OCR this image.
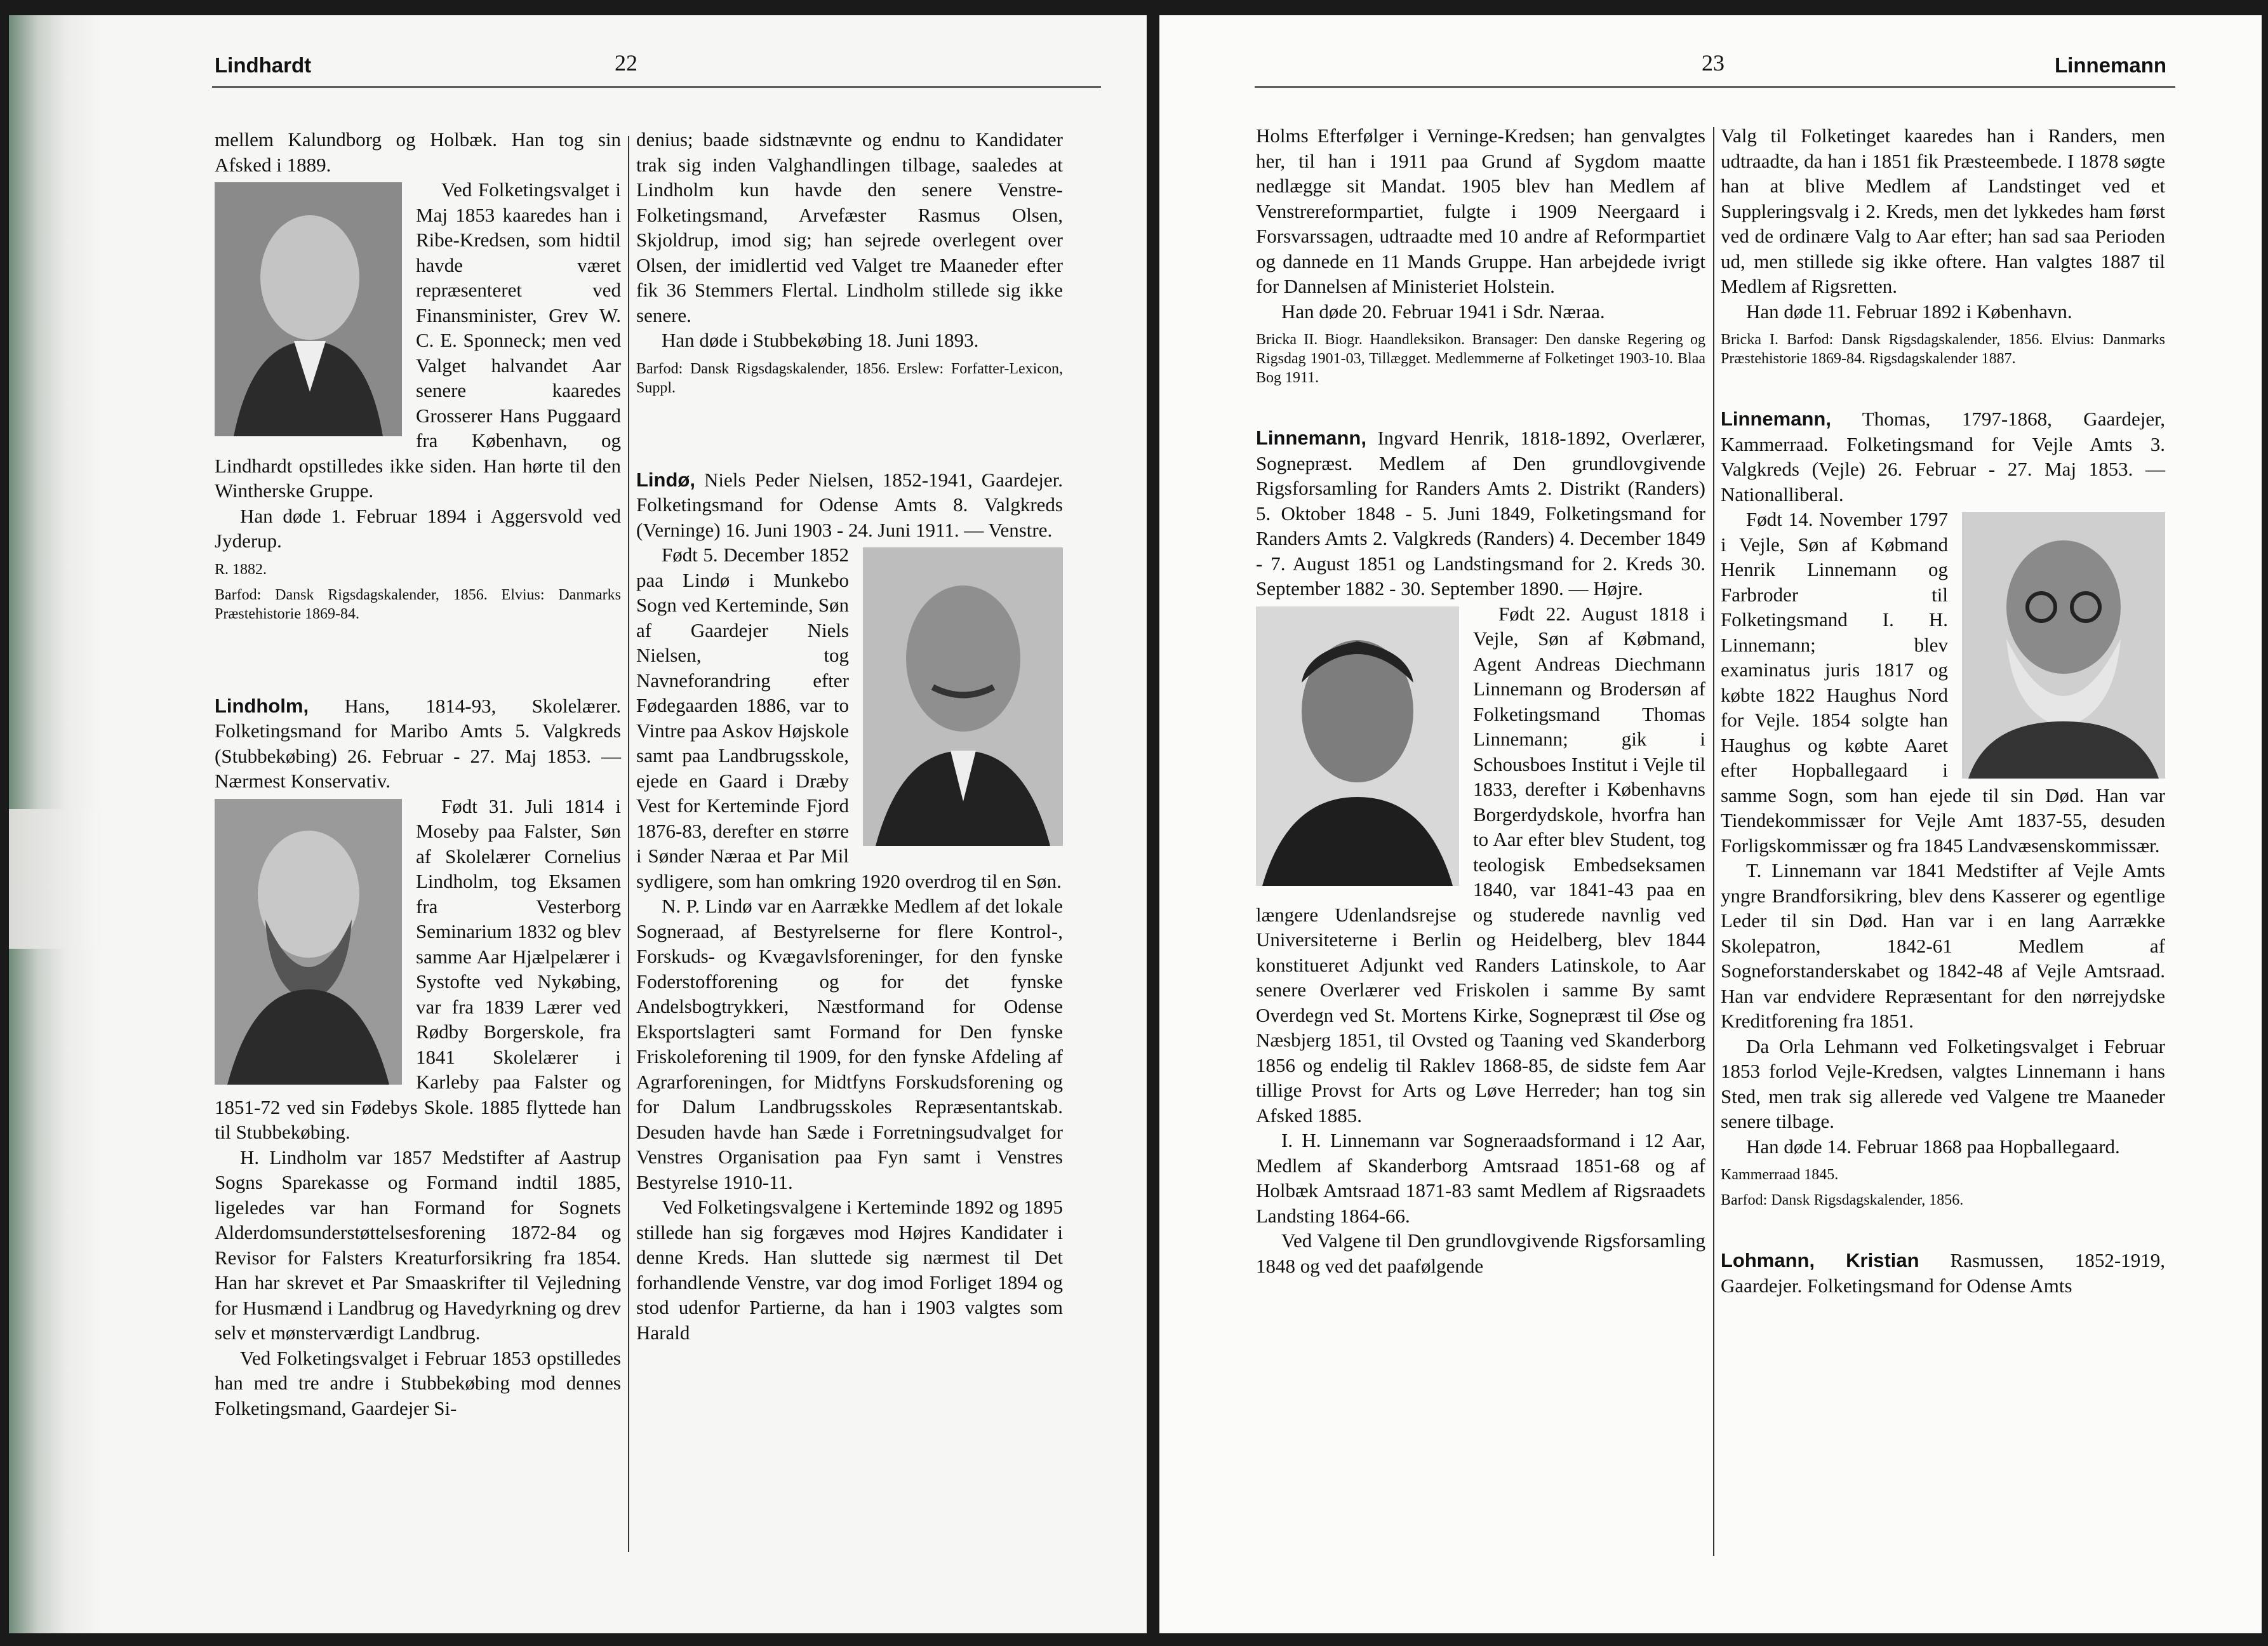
Lindhardt	22

mellem Kalundborg og Holbæk. Han tog sin Afsked i 1889.

Ved Folketingsvalget i Maj 1853 kaaredes han i Ribe-Kredsen, som hidtil havde været repræsenteret ved Finansminister, Grev W. C. E. Sponneck; men ved Valget halvandet Aar senere kaaredes Grosserer Hans Puggaard fra København, og Lindhardt opstilledes ikke siden. Han hørte til den Wintherske Gruppe.

Han døde 1. Februar 1894 i Aggersvold ved Jyderup.

R. 1882.

Barfod: Dansk Rigsdagskalender, 1856. Elvius: Danmarks Præstehistorie 1869-84.

Lindholm, Hans, 1814-93, Skolelærer. Folketingsmand for Maribo Amts 5. Valgkreds (Stubbekøbing) 26. Februar - 27. Maj 1853. — Nærmest Konservativ.

Født 31. Juli 1814 i Moseby paa Falster, Søn af Skolelærer Cornelius Lindholm, tog Eksamen fra Vesterborg Seminarium 1832 og blev samme Aar Hjælpelærer i Systofte ved Nykøbing, var fra 1839 Lærer ved Rødby Borgerskole, fra 1841 Skolelærer i Karleby paa Falster og 1851-72 ved sin Fødebys Skole. 1885 flyttede han til Stubbekøbing.

H. Lindholm var 1857 Medstifter af Aastrup Sogns Sparekasse og Formand indtil 1885, ligeledes var han Formand for Sognets Alderdomsunderstøttelsesforening 1872-84 og Revisor for Falsters Kreaturforsikring fra 1854. Han har skrevet et Par Smaaskrifter til Vejledning for Husmænd i Landbrug og Havedyrkning og drev selv et mønsterværdigt Landbrug.

Ved Folketingsvalget i Februar 1853 opstilledes han med tre andre i Stubbekøbing mod dennes Folketingsmand, Gaardejer Si-

denius; baade sidstnævnte og endnu to Kandidater trak sig inden Valghandlingen tilbage, saaledes at Lindholm kun havde den senere Venstre-Folketingsmand, Arvefæster Rasmus Olsen, Skjoldrup, imod sig; han sejrede overlegent over Olsen, der imidlertid ved Valget tre Maaneder efter fik 36 Stemmers Flertal. Lindholm stillede sig ikke senere.

Han døde i Stubbekøbing 18. Juni 1893.

Barfod: Dansk Rigsdagskalender, 1856. Erslew: Forfatter-Lexicon, Suppl.

Lindø, Niels Peder Nielsen, 1852-1941, Gaardejer. Folketingsmand for Odense Amts 8. Valgkreds (Verninge) 16. Juni 1903 - 24. Juni 1911. — Venstre.

Født 5. December 1852 paa Lindø i Munkebo Sogn ved Kerteminde, Søn af Gaardejer Niels Nielsen, tog Navneforandring efter Fødegaarden 1886, var to Vintre paa Askov Højskole samt paa Landbrugsskole, ejede en Gaard i Dræby Vest for Kerteminde Fjord 1876-83, derefter en større i Sønder Næraa et Par Mil sydligere, som han omkring 1920 overdrog til en Søn.

N. P. Lindø var en Aarrække Medlem af det lokale Sogneraad, af Bestyrelserne for flere Kontrol-, Forskuds- og Kvægavlsforeninger, for den fynske Foderstofforening og for det fynske Andelsbogtrykkeri, Næstformand for Odense Eksportslagteri samt Formand for Den fynske Friskoleforening til 1909, for den fynske Afdeling af Agrarforeningen, for Midtfyns Forskudsforening og for Dalum Landbrugsskoles Repræsentantskab. Desuden havde han Sæde i Forretningsudvalget for Venstres Organisation paa Fyn samt i Venstres Bestyrelse 1910-11.

Ved Folketingsvalgene i Kerteminde 1892 og 1895 stillede han sig forgæves mod Højres Kandidater i denne Kreds. Han sluttede sig nærmest til Det forhandlende Venstre, var dog imod Forliget 1894 og stod udenfor Partierne, da han i 1903 valgtes som Harald

23	Linnemann

Holms Efterfølger i Verninge-Kredsen; han genvalgtes her, til han i 1911 paa Grund af Sygdom maatte nedlægge sit Mandat. 1905 blev han Medlem af Venstrereformpartiet, fulgte i 1909 Neergaard i Forsvarssagen, udtraadte med 10 andre af Reformpartiet og dannede en 11 Mands Gruppe. Han arbejdede ivrigt for Dannelsen af Ministeriet Holstein.

Han døde 20. Februar 1941 i Sdr. Næraa.

Bricka II. Biogr. Haandleksikon. Bransager: Den danske Regering og Rigsdag 1901-03, Tillægget. Medlemmerne af Folketinget 1903-10. Blaa Bog 1911.

Linnemann, Ingvard Henrik, 1818-1892, Overlærer, Sognepræst. Medlem af Den grundlovgivende Rigsforsamling for Randers Amts 2. Distrikt (Randers) 5. Oktober 1848 - 5. Juni 1849, Folketingsmand for Randers Amts 2. Valgkreds (Randers) 4. December 1849 - 7. August 1851 og Landstingsmand for 2. Kreds 30. September 1882 - 30. September 1890. — Højre.

Født 22. August 1818 i Vejle, Søn af Købmand, Agent Andreas Diechmann Linnemann og Brodersøn af Folketingsmand Thomas Linnemann; gik i Schousboes Institut i Vejle til 1833, derefter i Københavns Borgerdydskole, hvorfra han to Aar efter blev Student, tog teologisk Embedseksamen 1840, var 1841-43 paa en længere Udenlandsrejse og studerede navnlig ved Universiteterne i Berlin og Heidelberg, blev 1844 konstitueret Adjunkt ved Randers Latinskole, to Aar senere Overlærer ved Friskolen i samme By samt Overdegn ved St. Mortens Kirke, Sognepræst til Øse og Næsbjerg 1851, til Ovsted og Taaning ved Skanderborg 1856 og endelig til Raklev 1868-85, de sidste fem Aar tillige Provst for Arts og Løve Herreder; han tog sin Afsked 1885.

I. H. Linnemann var Sogneraadsformand i 12 Aar, Medlem af Skanderborg Amtsraad 1851-68 og af Holbæk Amtsraad 1871-83 samt Medlem af Rigsraadets Landsting 1864-66.

Ved Valgene til Den grundlovgivende Rigsforsamling 1848 og ved det paafølgende

Valg til Folketinget kaaredes han i Randers, men udtraadte, da han i 1851 fik Præsteembede. I 1878 søgte han at blive Medlem af Landstinget ved et Suppleringsvalg i 2. Kreds, men det lykkedes ham først ved de ordinære Valg to Aar efter; han sad saa Perioden ud, men stillede sig ikke oftere. Han valgtes 1887 til Medlem af Rigsretten.

Han døde 11. Februar 1892 i København.

Bricka I. Barfod: Dansk Rigsdagskalender, 1856. Elvius: Danmarks Præstehistorie 1869-84. Rigsdagskalender 1887.

Linnemann, Thomas, 1797-1868, Gaardejer, Kammerraad. Folketingsmand for Vejle Amts 3. Valgkreds (Vejle) 26. Februar - 27. Maj 1853. — Nationalliberal.

Født 14. November 1797 i Vejle, Søn af Købmand Henrik Linnemann og Farbroder til Folketingsmand I. H. Linnemann; blev examinatus juris 1817 og købte 1822 Haughus Nord for Vejle. 1854 solgte han Haughus og købte Aaret efter Hopballegaard i samme Sogn, som han ejede til sin Død. Han var Tiendekommissær for Vejle Amt 1837-55, desuden Forligskommissær og fra 1845 Landvæsenskommissær.

T. Linnemann var 1841 Medstifter af Vejle Amts yngre Brandforsikring, blev dens Kasserer og egentlige Leder til sin Død. Han var i en lang Aarrække Skolepatron, 1842-61 Medlem af Sogneforstanderskabet og 1842-48 af Vejle Amtsraad. Han var endvidere Repræsentant for den nørrejydske Kreditforening fra 1851.

Da Orla Lehmann ved Folketingsvalget i Februar 1853 forlod Vejle-Kredsen, valgtes Linnemann i hans Sted, men trak sig allerede ved Valgene tre Maaneder senere tilbage.

Han døde 14. Februar 1868 paa Hopballegaard.

Kammerraad 1845.

Barfod: Dansk Rigsdagskalender, 1856.

Lohmann, Kristian Rasmussen, 1852-1919, Gaardejer. Folketingsmand for Odense Amts
